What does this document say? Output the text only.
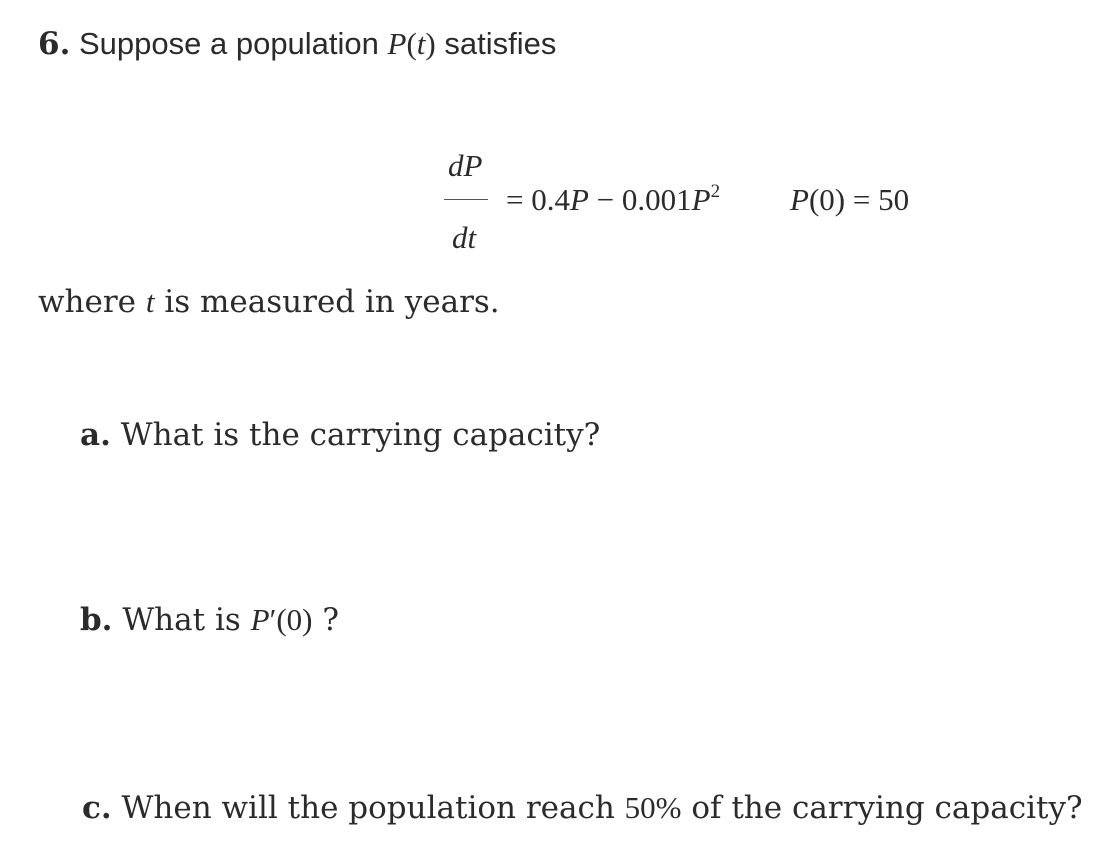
6. Suppose a population P(t) satisfies
dP
dt
= $0.4P - 0.001P^2$ P(0) = 50
where t is measured in years.
a. What is the carrying capacity?
b. What is P′(0) ?
c. When will the population reach 50% of the carrying capacity?
